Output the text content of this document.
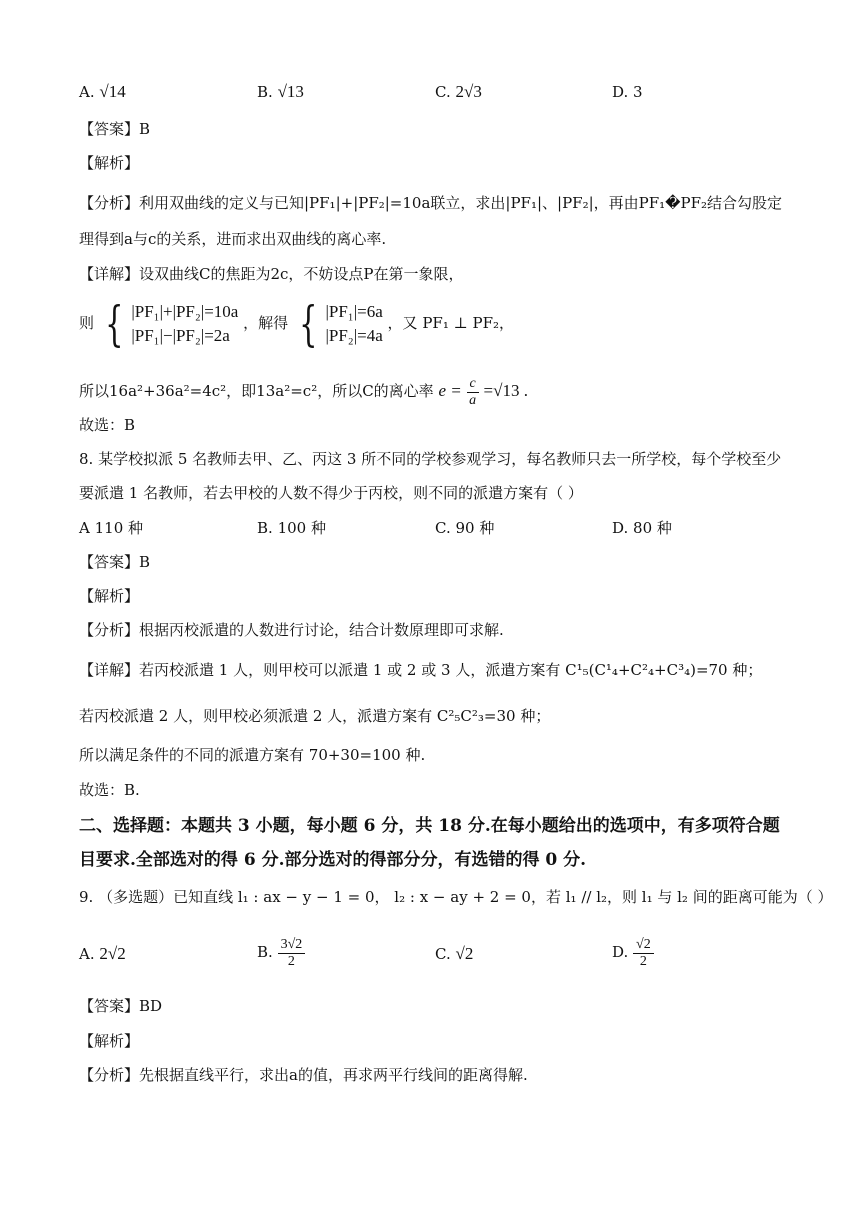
A. √14	B. √13	C. 2√3	D. 3
【答案】B
【解析】
【分析】利用双曲线的定义与已知|PF₁|+|PF₂|=10a联立，求出|PF₁|、|PF₂|，再由PF₁�PF₂结合勾股定
理得到a与c的关系，进而求出双曲线的离心率.
【详解】设双曲线C的焦距为2c，不妨设点P在第一象限，
则 { |PF₁|+|PF₂|=10a
|PF₁|−|PF₂|=2a
，解得 { |PF₁|=6a
|PF₂|=4a
，又 PF₁ ⊥ PF₂，
所以16a²+36a²=4c²，即13a²=c²，所以C的离心率 $e = \frac{c}{a} =√13$ .
故选：B
8. 某学校拟派 5 名教师去甲、乙、丙这 3 所不同的学校参观学习，每名教师只去一所学校，每个学校至少
要派遣 1 名教师，若去甲校的人数不得少于丙校，则不同的派遣方案有（ ）
A 110 种	B. 100 种	C. 90 种	D. 80 种
【答案】B
【解析】
【分析】根据丙校派遣的人数进行讨论，结合计数原理即可求解.
【详解】若丙校派遣 1 人，则甲校可以派遣 1 或 2 或 3 人，派遣方案有 C¹₅(C¹₄+C²₄+C³₄)=70 种；
若丙校派遣 2 人，则甲校必须派遣 2 人，派遣方案有 C²₅C²₃=30 种；
所以满足条件的不同的派遣方案有 70+30=100 种.
故选：B.
二、选择题：本题共 3 小题，每小题 6 分，共 18 分.在每小题给出的选项中，有多项符合题
目要求.全部选对的得 6 分.部分选对的得部分分，有选错的得 0 分.
9. （多选题）已知直线 l₁ : ax − y − 1 = 0， l₂ : x − ay + 2 = 0，若 l₁ // l₂，则 l₁ 与 l₂ 间的距离可能为（ ）
A. 2√2	B. $\frac{3√2}{2}$	C. √2	D. $\frac{√2}{2}$
【答案】BD
【解析】
【分析】先根据直线平行，求出a的值，再求两平行线间的距离得解.
